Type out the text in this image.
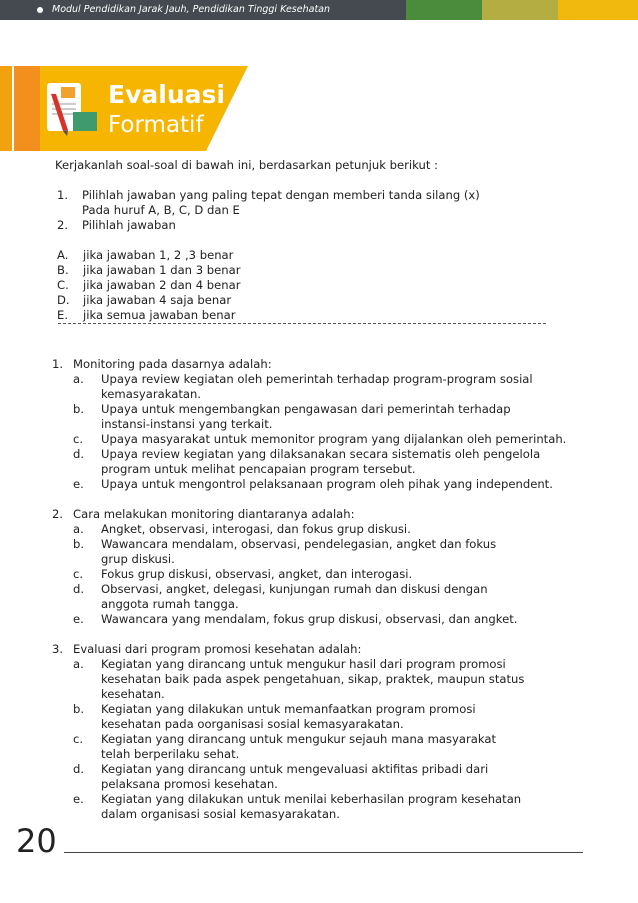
Modul Pendidikan Jarak Jauh, Pendidikan Tinggi Kesehatan
Evaluasi
Formatif
Kerjakanlah soal-soal di bawah ini, berdasarkan petunjuk berikut :
1. Pilihlah jawaban yang paling tepat dengan memberi tanda silang (x)
Pada huruf A, B, C, D dan E
2. Pilihlah jawaban
A. jika jawaban 1, 2 ,3 benar
B. jika jawaban 1 dan 3 benar
C. jika jawaban 2 dan 4 benar
D. jika jawaban 4 saja benar
E. jika semua jawaban benar
1. Monitoring pada dasarnya adalah:
a. Upaya review kegiatan oleh pemerintah terhadap program-program sosial
kemasyarakatan.
b. Upaya untuk mengembangkan pengawasan dari pemerintah terhadap
instansi-instansi yang terkait.
c. Upaya masyarakat untuk memonitor program yang dijalankan oleh pemerintah.
d. Upaya review kegiatan yang dilaksanakan secara sistematis oleh pengelola
program untuk melihat pencapaian program tersebut.
e. Upaya untuk mengontrol pelaksanaan program oleh pihak yang independent.
2. Cara melakukan monitoring diantaranya adalah:
a. Angket, observasi, interogasi, dan fokus grup diskusi.
b. Wawancara mendalam, observasi, pendelegasian, angket dan fokus
grup diskusi.
c. Fokus grup diskusi, observasi, angket, dan interogasi.
d. Observasi, angket, delegasi, kunjungan rumah dan diskusi dengan
anggota rumah tangga.
e. Wawancara yang mendalam, fokus grup diskusi, observasi, dan angket.
3. Evaluasi dari program promosi kesehatan adalah:
a. Kegiatan yang dirancang untuk mengukur hasil dari program promosi
kesehatan baik pada aspek pengetahuan, sikap, praktek, maupun status
kesehatan.
b. Kegiatan yang dilakukan untuk memanfaatkan program promosi
kesehatan pada oorganisasi sosial kemasyarakatan.
c. Kegiatan yang dirancang untuk mengukur sejauh mana masyarakat
telah berperilaku sehat.
d. Kegiatan yang dirancang untuk mengevaluasi aktifitas pribadi dari
pelaksana promosi kesehatan.
e. Kegiatan yang dilakukan untuk menilai keberhasilan program kesehatan
dalam organisasi sosial kemasyarakatan.
20
